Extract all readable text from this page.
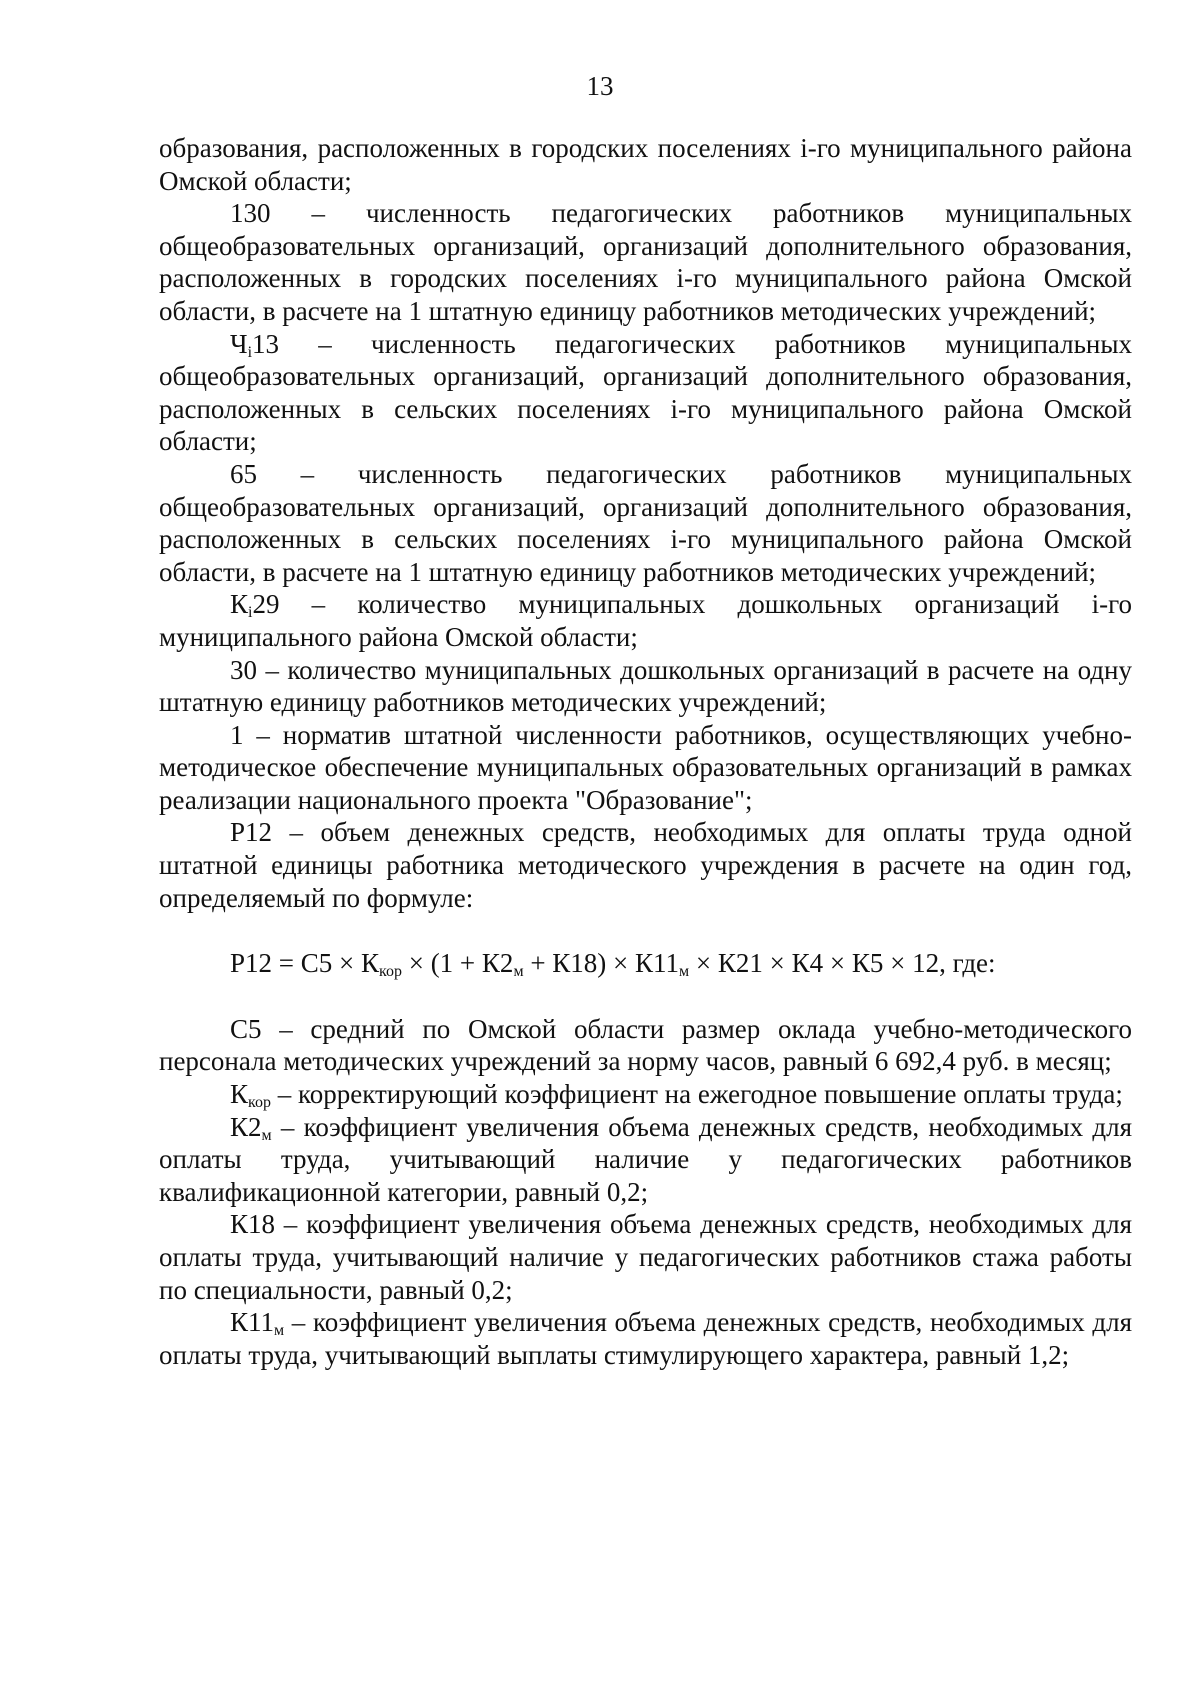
13

образования, расположенных в городских поселениях i-го муниципального района Омской области;

130 – численность педагогических работников муниципальных общеобразовательных организаций, организаций дополнительного образования, расположенных в городских поселениях i-го муниципального района Омской области, в расчете на 1 штатную единицу работников методических учреждений;

$Ч_i13$ – численность педагогических работников муниципальных общеобразовательных организаций, организаций дополнительного образования, расположенных в сельских поселениях i-го муниципального района Омской области;

65 – численность педагогических работников муниципальных общеобразовательных организаций, организаций дополнительного образования, расположенных в сельских поселениях i-го муниципального района Омской области, в расчете на 1 штатную единицу работников методических учреждений;

$К_i29$ – количество муниципальных дошкольных организаций i-го муниципального района Омской области;

30 – количество муниципальных дошкольных организаций в расчете на одну штатную единицу работников методических учреждений;

1 – норматив штатной численности работников, осуществляющих учебно-методическое обеспечение муниципальных образовательных организаций в рамках реализации национального проекта "Образование";

Р12 – объем денежных средств, необходимых для оплаты труда одной штатной единицы работника методического учреждения в расчете на один год, определяемый по формуле:

$Р12 = С5 \times К_{кор} \times (1 + К2_м + К18) \times К11_м \times К21 \times К4 \times К5 \times 12$, где:

С5 – средний по Омской области размер оклада учебно-методического персонала методических учреждений за норму часов, равный 6 692,4 руб. в месяц;

$К_{кор}$ – корректирующий коэффициент на ежегодное повышение оплаты труда;

$К2_м$ – коэффициент увеличения объема денежных средств, необходимых для оплаты труда, учитывающий наличие у педагогических работников квалификационной категории, равный 0,2;

К18 – коэффициент увеличения объема денежных средств, необходимых для оплаты труда, учитывающий наличие у педагогических работников стажа работы по специальности, равный 0,2;

$К11_м$ – коэффициент увеличения объема денежных средств, необходимых для оплаты труда, учитывающий выплаты стимулирующего характера, равный 1,2;
